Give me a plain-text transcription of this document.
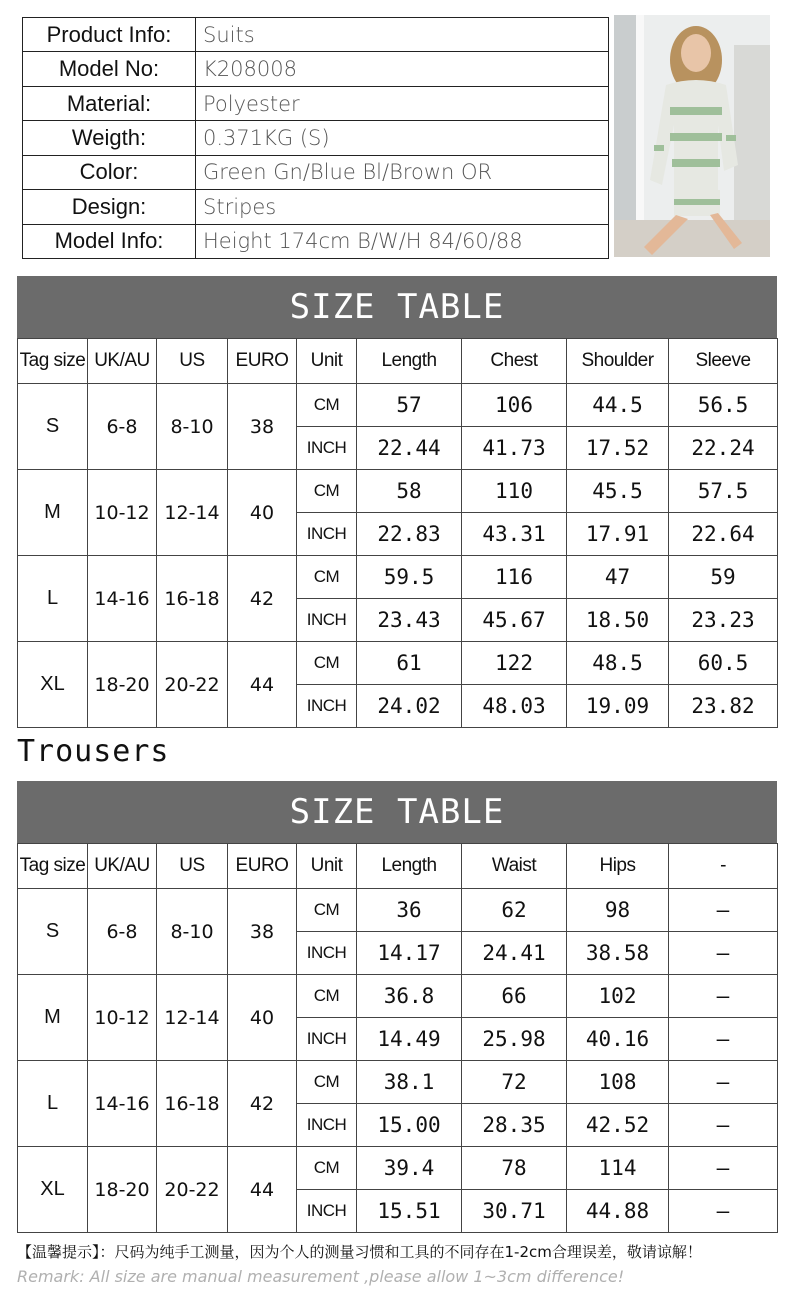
Product Info:	Suits
Model No:	K208008
Material:	Polyester
Weigth:	0.371KG (S)
Color:	Green Gn/Blue Bl/Brown OR
Design:	Stripes
Model Info:	Height 174cm B/W/H 84/60/88
SIZE TABLE
Tag size	UK/AU	US	EURO	Unit	Length	Chest	Shoulder	Sleeve
S	6-8	8-10	38	CM	57	106	44.5	56.5
				INCH	22.44	41.73	17.52	22.24
M	10-12	12-14	40	CM	58	110	45.5	57.5
				INCH	22.83	43.31	17.91	22.64
L	14-16	16-18	42	CM	59.5	116	47	59
				INCH	23.43	45.67	18.50	23.23
XL	18-20	20-22	44	CM	61	122	48.5	60.5
				INCH	24.02	48.03	19.09	23.82
Trousers
SIZE TABLE
Tag size	UK/AU	US	EURO	Unit	Length	Waist	Hips	-
S	6-8	8-10	38	CM	36	62	98	—
				INCH	14.17	24.41	38.58	—
M	10-12	12-14	40	CM	36.8	66	102	—
				INCH	14.49	25.98	40.16	—
L	14-16	16-18	42	CM	38.1	72	108	—
				INCH	15.00	28.35	42.52	—
XL	18-20	20-22	44	CM	39.4	78	114	—
				INCH	15.51	30.71	44.88	—
【温馨提示】：尺码为纯手工测量，因为个人的测量习惯和工具的不同存在1-2cm合理误差，敬请谅解！
Remark: All size are manual measurement ,please allow 1~3cm difference!
